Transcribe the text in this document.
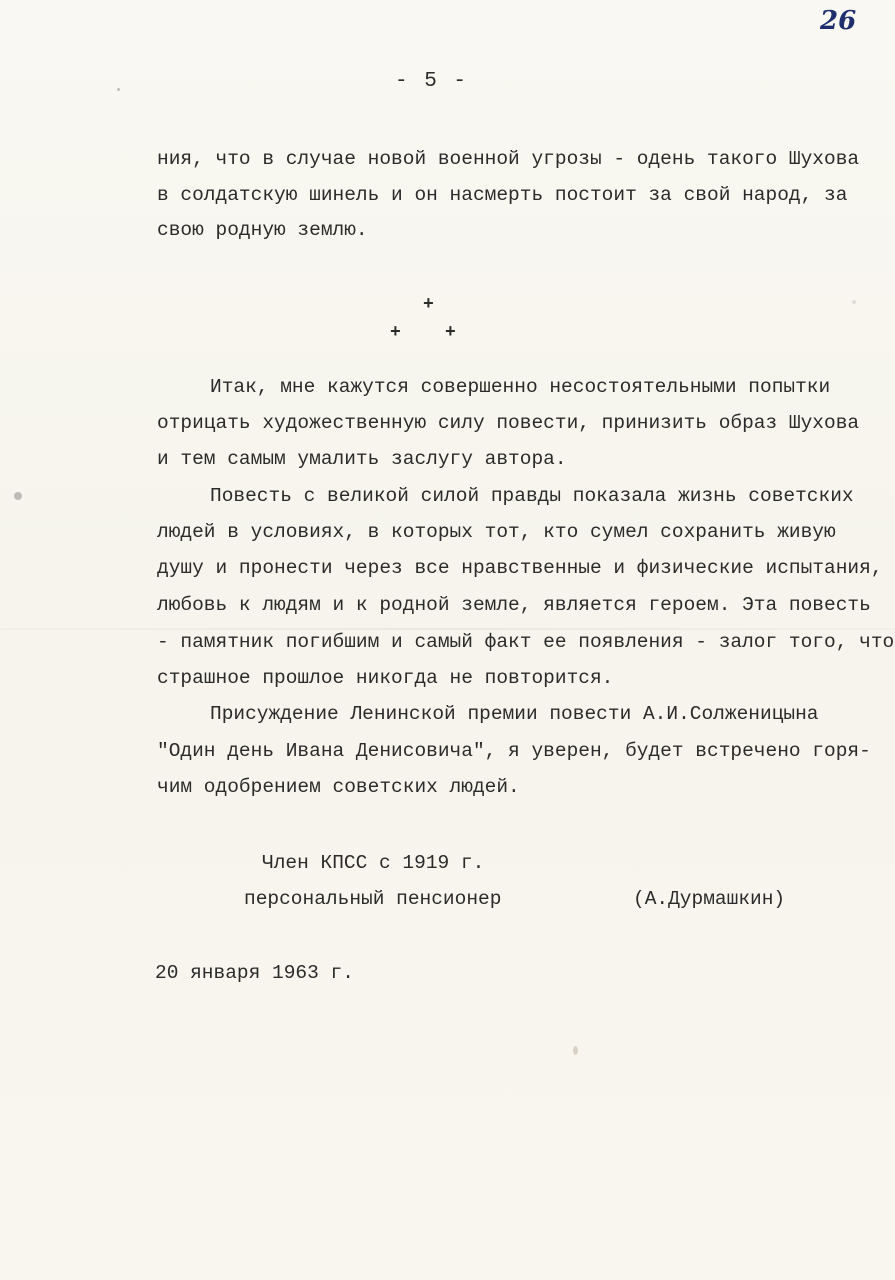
26
- 5 -
ния, что в случае новой военной угрозы - одень такого Шухова
в солдатскую шинель и он насмерть постоит за свой народ, за
свою родную землю.
+
+ +
Итак, мне кажутся совершенно несостоятельными попытки
отрицать художественную силу повести, принизить образ Шухова
и тем самым умалить заслугу автора.
Повесть с великой силой правды показала жизнь советских
людей в условиях, в которых тот, кто сумел сохранить живую
душу и пронести через все нравственные и физические испытания,
любовь к людям и к родной земле, является героем. Эта повесть
- памятник погибшим и самый факт ее появления - залог того, что
страшное прошлое никогда не повторится.
Присуждение Ленинской премии повести А.И.Солженицына
"Один день Ивана Денисовича", я уверен, будет встречено горя-
чим одобрением советских людей.
Член КПСС с 1919 г.
персональный пенсионер	(А.Дурмашкин)
20 января 1963 г.
